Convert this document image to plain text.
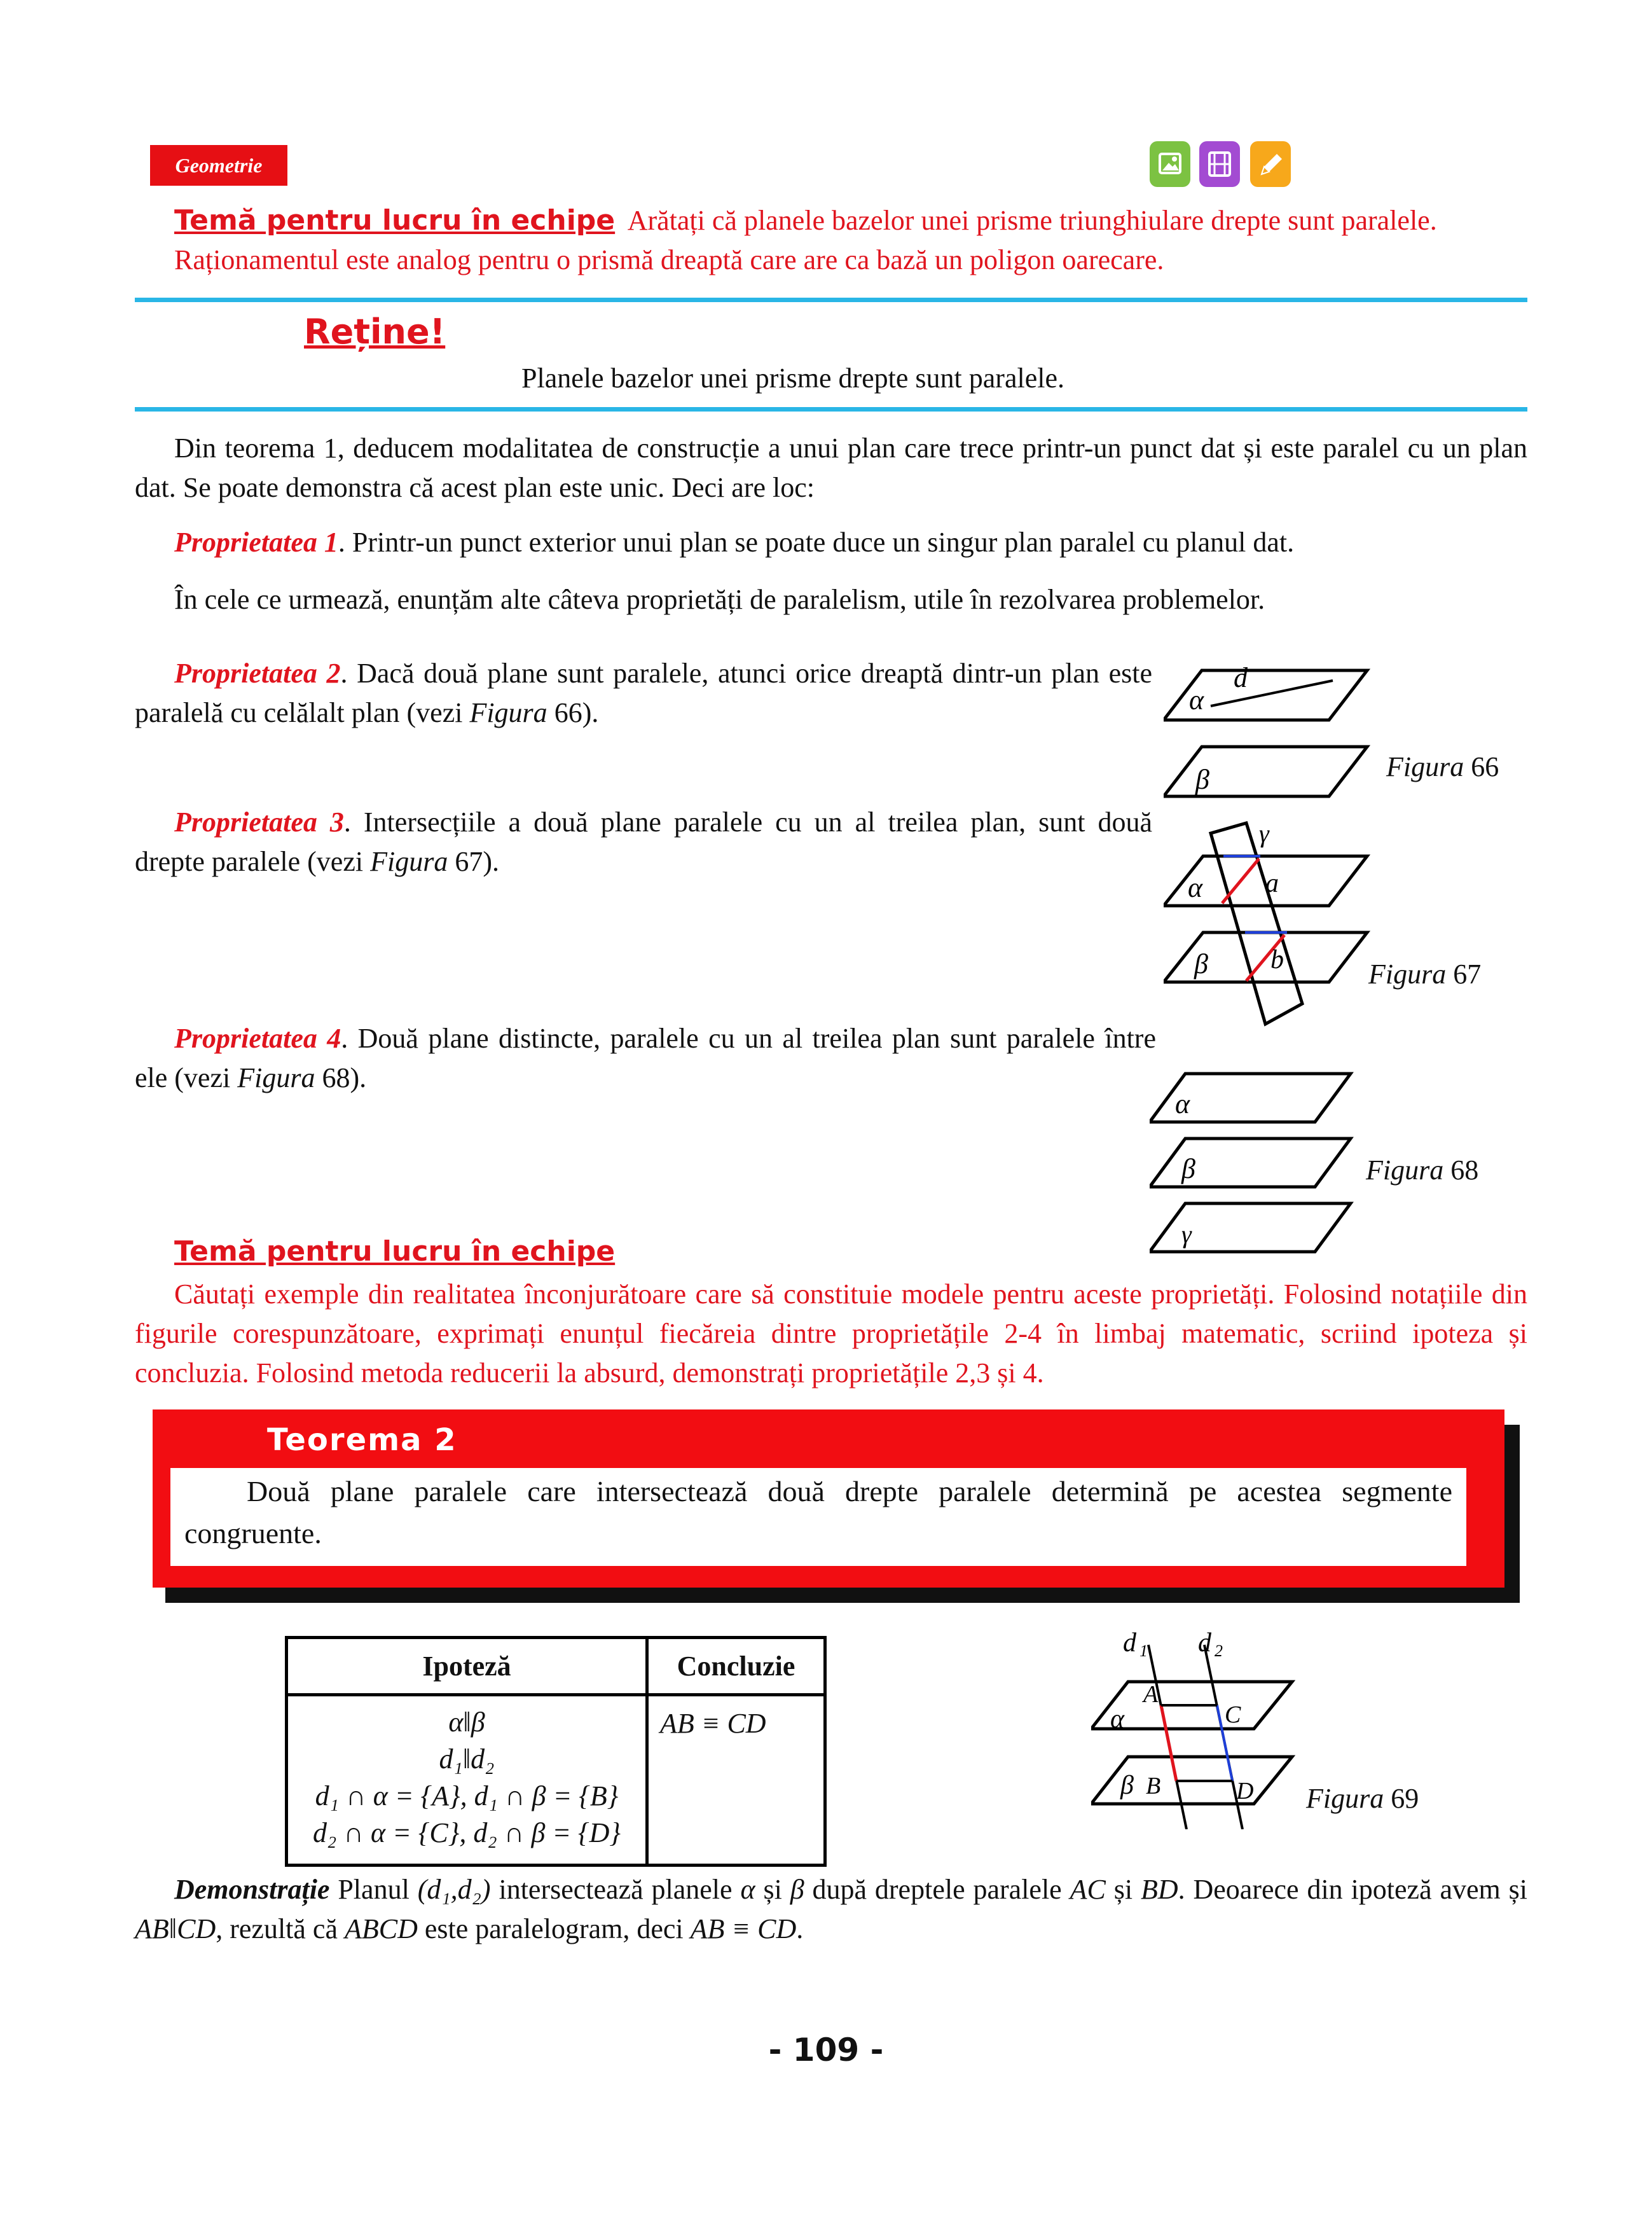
Geometrie

Temă pentru lucru în echipe Arătați că planele bazelor unei prisme triunghiulare drepte sunt paralele.

Raționamentul este analog pentru o prismă dreaptă care are ca bază un poligon oarecare.

Reține!
Planele bazelor unei prisme drepte sunt paralele.
Din teorema 1, deducem modalitatea de construcție a unui plan care trece printr-un punct dat și este paralel cu un plan dat. Se poate demonstra că acest plan este unic. Deci are loc:
Proprietatea 1. Printr-un punct exterior unui plan se poate duce un singur plan paralel cu planul dat.
În cele ce urmează, enunțăm alte câteva proprietăți de paralelism, utile în rezolvarea problemelor.
Proprietatea 2. Dacă două plane sunt paralele, atunci orice dreaptă dintr-un plan este paralelă cu celălalt plan (vezi Figura 66).
Proprietatea 3. Intersecțiile a două plane paralele cu un al treilea plan, sunt două drepte paralele (vezi Figura 67).
Proprietatea 4. Două plane distincte, paralele cu un al treilea plan sunt paralele între ele (vezi Figura 68).
α
d
β	Figura 66
α
β
γ
a
b	Figura 67
α
β
γ
Figura 68
Temă pentru lucru în echipe
Căutați exemple din realitatea înconjurătoare care să constituie modele pentru aceste proprietăți. Folosind notațiile din figurile corespunzătoare, exprimați enunțul fiecăreia dintre proprietățile 2-4 în limbaj matematic, scriind ipoteza și concluzia. Folosind metoda reducerii la absurd, demonstrați proprietățile 2,3 și 4.
Teorema 2
Două plane paralele care intersectează două drepte paralele determină pe acestea segmente congruente.
Ipoteză	Concluzie

α‖β
d₁‖d₂
d₁ ∩ α = {A}, d₁ ∩ β = {B}
d₂ ∩ α = {C}, d₂ ∩ β = {D}	AB ≡ CD
d 1 d 2
α
A
C
β B	D Figura 69
Demonstrație Planul (d₁,d₂) intersectează planele α și β după dreptele paralele AC și BD. Deoarece din ipoteză avem și AB‖CD, rezultă că ABCD este paralelogram, deci AB ≡ CD.
- 109 -
